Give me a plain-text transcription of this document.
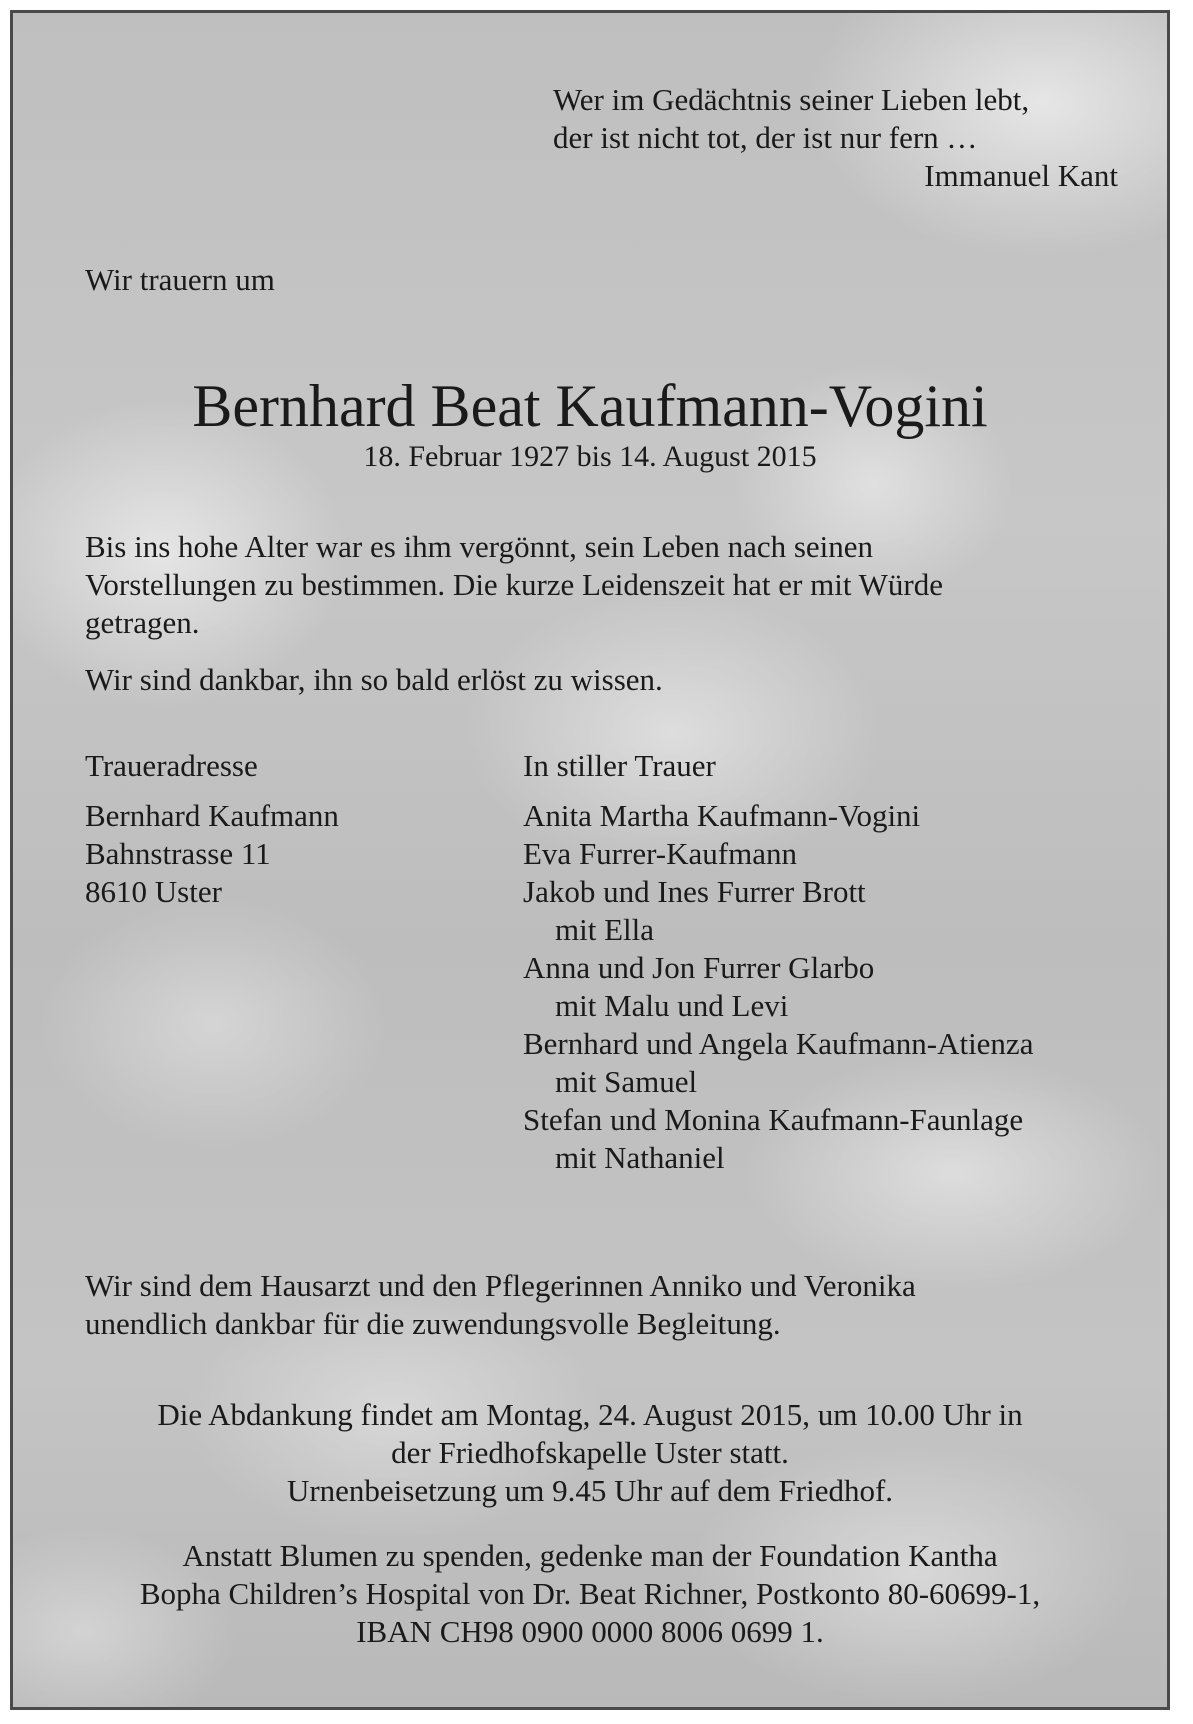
Wer im Gedächtnis seiner Lieben lebt,

der ist nicht tot, der ist nur fern …

Immanuel Kant

Wir trauern um

Bernhard Beat Kaufmann-Vogini

18. Februar 1927 bis 14. August 2015

Bis ins hohe Alter war es ihm vergönnt, sein Leben nach seinen
Vorstellungen zu bestimmen. Die kurze Leidenszeit hat er mit Würde
getragen.

Wir sind dankbar, ihn so bald erlöst zu wissen.

Traueradresse

Bernhard Kaufmann

Bahnstrasse 11

8610 Uster

In stiller Trauer

Anita Martha Kaufmann-Vogini

Eva Furrer-Kaufmann

Jakob und Ines Furrer Brott

mit Ella

Anna und Jon Furrer Glarbo

mit Malu und Levi

Bernhard und Angela Kaufmann-Atienza

mit Samuel

Stefan und Monina Kaufmann-Faunlage

mit Nathaniel

Wir sind dem Hausarzt und den Pflegerinnen Anniko und Veronika
unendlich dankbar für die zuwendungsvolle Begleitung.

Die Abdankung findet am Montag, 24. August 2015, um 10.00 Uhr in

der Friedhofskapelle Uster statt.

Urnenbeisetzung um 9.45 Uhr auf dem Friedhof.

Anstatt Blumen zu spenden, gedenke man der Foundation Kantha

Bopha Children’s Hospital von Dr. Beat Richner, Postkonto 80-60699-1,

IBAN CH98 0900 0000 8006 0699 1.
